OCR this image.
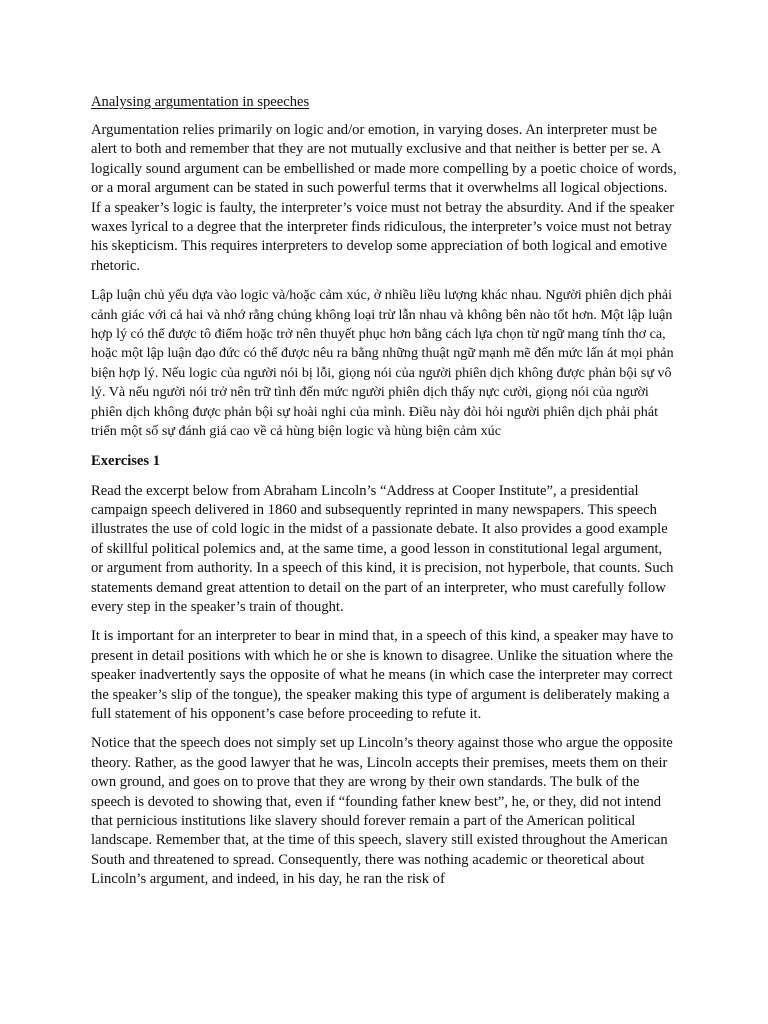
Analysing argumentation in speeches

Argumentation relies primarily on logic and/or emotion, in varying doses. An interpreter must be alert to both and remember that they are not mutually exclusive and that neither is better per se. A logically sound argument can be embellished or made more compelling by a poetic choice of words, or a moral argument can be stated in such powerful terms that it overwhelms all logical objections. If a speaker’s logic is faulty, the interpreter’s voice must not betray the absurdity. And if the speaker waxes lyrical to a degree that the interpreter finds ridiculous, the interpreter’s voice must not betray his skepticism. This requires interpreters to develop some appreciation of both logical and emotive rhetoric.

Lập luận chủ yếu dựa vào logic và/hoặc cảm xúc, ở nhiều liều lượng khác nhau. Người phiên dịch phải cảnh giác với cả hai và nhớ rằng chúng không loại trừ lẫn nhau và không bên nào tốt hơn. Một lập luận hợp lý có thể được tô điểm hoặc trở nên thuyết phục hơn bằng cách lựa chọn từ ngữ mang tính thơ ca, hoặc một lập luận đạo đức có thể được nêu ra bằng những thuật ngữ mạnh mẽ đến mức lấn át mọi phản biện hợp lý. Nếu logic của người nói bị lỗi, giọng nói của người phiên dịch không được phản bội sự vô lý. Và nếu người nói trở nên trữ tình đến mức người phiên dịch thấy nực cười, giọng nói của người phiên dịch không được phản bội sự hoài nghi của mình. Điều này đòi hỏi người phiên dịch phải phát triển một số sự đánh giá cao về cả hùng biện logic và hùng biện cảm xúc

Exercises 1

Read the excerpt below from Abraham Lincoln’s “Address at Cooper Institute”, a presidential campaign speech delivered in 1860 and subsequently reprinted in many newspapers. This speech illustrates the use of cold logic in the midst of a passionate debate. It also provides a good example of skillful political polemics and, at the same time, a good lesson in constitutional legal argument, or argument from authority. In a speech of this kind, it is precision, not hyperbole, that counts. Such statements demand great attention to detail on the part of an interpreter, who must carefully follow every step in the speaker’s train of thought.

It is important for an interpreter to bear in mind that, in a speech of this kind, a speaker may have to present in detail positions with which he or she is known to disagree. Unlike the situation where the speaker inadvertently says the opposite of what he means (in which case the interpreter may correct the speaker’s slip of the tongue), the speaker making this type of argument is deliberately making a full statement of his opponent’s case before proceeding to refute it.

Notice that the speech does not simply set up Lincoln’s theory against those who argue the opposite theory. Rather, as the good lawyer that he was, Lincoln accepts their premises, meets them on their own ground, and goes on to prove that they are wrong by their own standards. The bulk of the speech is devoted to showing that, even if “founding father knew best”, he, or they, did not intend that pernicious institutions like slavery should forever remain a part of the American political landscape. Remember that, at the time of this speech, slavery still existed throughout the American South and threatened to spread. Consequently, there was nothing academic or theoretical about Lincoln’s argument, and indeed, in his day, he ran the risk of
